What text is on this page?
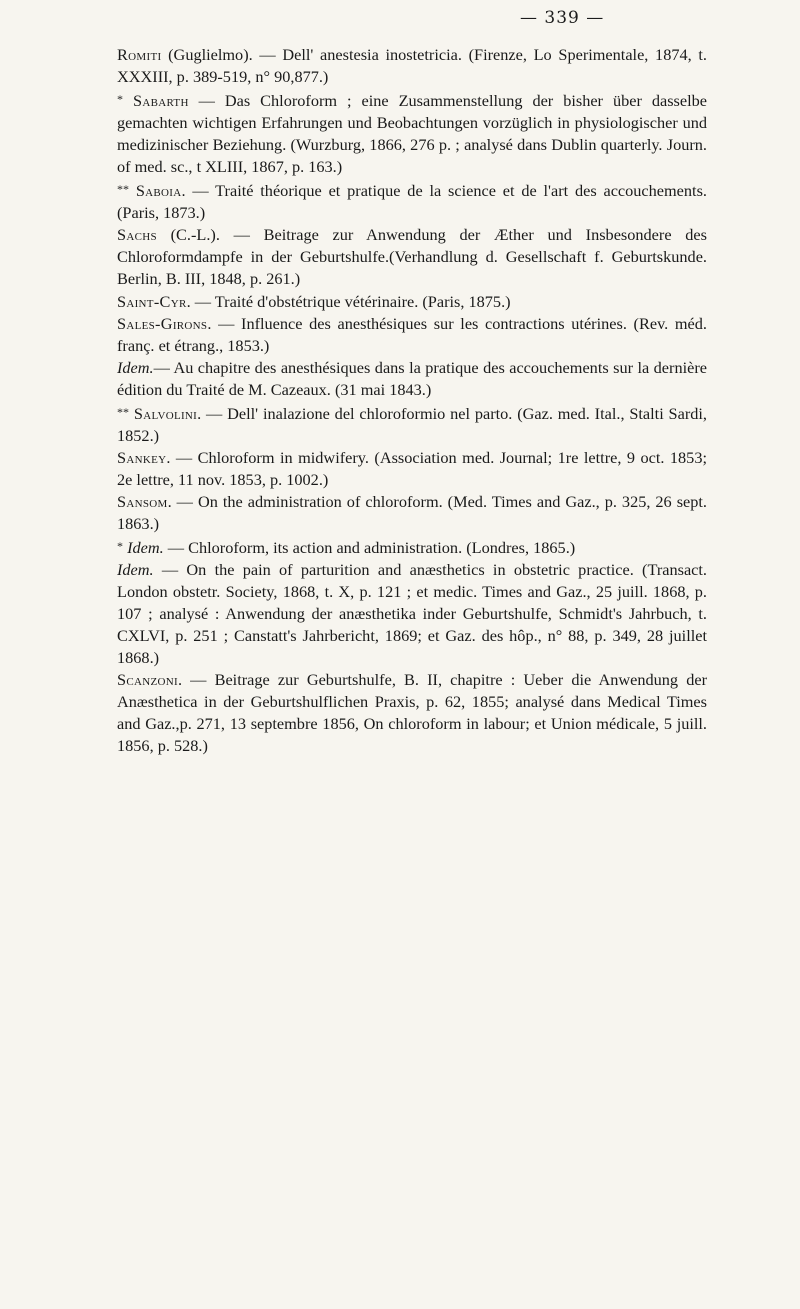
— 339 —

Romiti (Guglielmo). — Dell' anestesia inostetricia. (Firenze, Lo Sperimentale, 1874, t. XXXIII, p. 389-519, n° 90,877.)

* Sabarth — Das Chloroform ; eine Zusammenstellung der bisher über dasselbe gemachten wichtigen Erfahrungen und Beobachtungen vorzüglich in physiologischer und medizinischer Beziehung. (Wurzburg, 1866, 276 p. ; analysé dans Dublin quarterly. Journ. of med. sc., t XLIII, 1867, p. 163.)

** Saboia. — Traité théorique et pratique de la science et de l'art des accouchements. (Paris, 1873.)

Sachs (C.-L.). — Beitrage zur Anwendung der Æther und Insbesondere des Chloroformdampfe in der Geburtshulfe.(Verhandlung d. Gesellschaft f. Geburtskunde. Berlin, B. III, 1848, p. 261.)

Saint-Cyr. — Traité d'obstétrique vétérinaire. (Paris, 1875.)

Sales-Girons. — Influence des anesthésiques sur les contractions utérines. (Rev. méd. franç. et étrang., 1853.)

Idem.— Au chapitre des anesthésiques dans la pratique des accouchements sur la dernière édition du Traité de M. Cazeaux. (31 mai 1843.)

** Salvolini. — Dell' inalazione del chloroformio nel parto. (Gaz. med. Ital., Stalti Sardi, 1852.)

Sankey. — Chloroform in midwifery. (Association med. Journal; 1re lettre, 9 oct. 1853; 2e lettre, 11 nov. 1853, p. 1002.)

Sansom. — On the administration of chloroform. (Med. Times and Gaz., p. 325, 26 sept. 1863.)

* Idem. — Chloroform, its action and administration. (Londres, 1865.)

Idem. — On the pain of parturition and anæsthetics in obstetric practice. (Transact. London obstetr. Society, 1868, t. X, p. 121 ; et medic. Times and Gaz., 25 juill. 1868, p. 107 ; analysé : Anwendung der anæsthetika inder Geburtshulfe, Schmidt's Jahrbuch, t. CXLVI, p. 251 ; Canstatt's Jahrbericht, 1869; et Gaz. des hôp., n° 88, p. 349, 28 juillet 1868.)

Scanzoni. — Beitrage zur Geburtshulfe, B. II, chapitre : Ueber die Anwendung der Anæsthetica in der Geburtshulflichen Praxis, p. 62, 1855; analysé dans Medical Times and Gaz.,p. 271, 13 septembre 1856, On chloroform in labour; et Union médicale, 5 juill. 1856, p. 528.)
